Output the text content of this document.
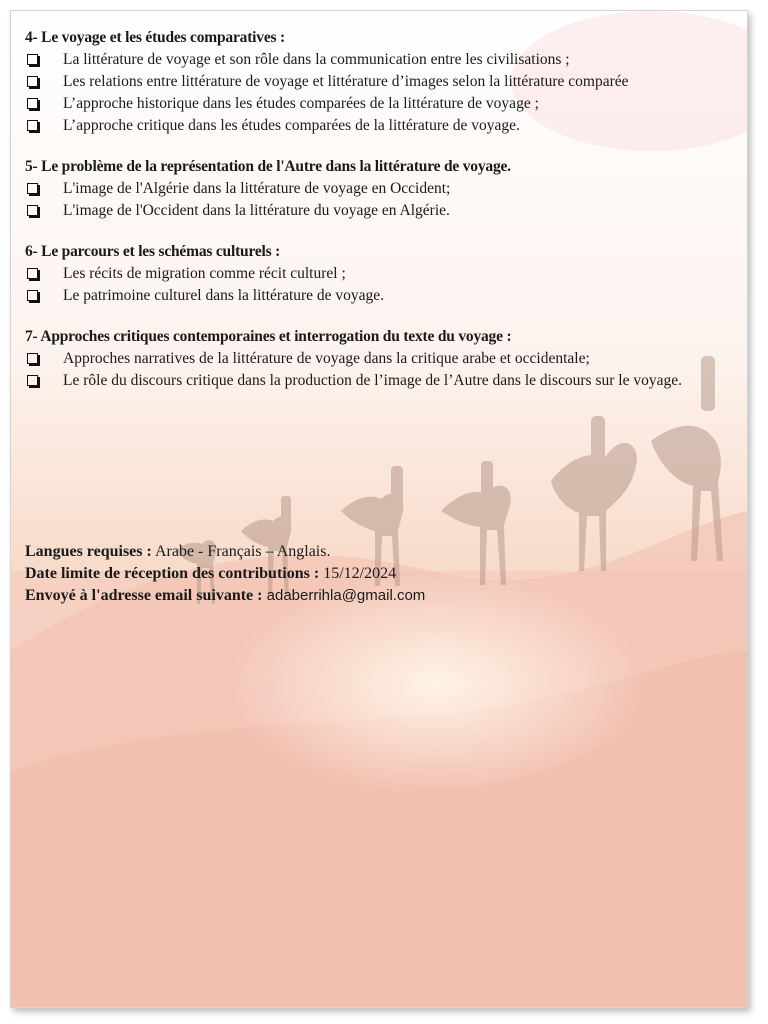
4- Le voyage et les études comparatives :
La littérature de voyage et son rôle dans la communication entre les civilisations ;
Les relations entre littérature de voyage et littérature d’images selon la littérature comparée
L’approche historique dans les études comparées de la littérature de voyage ;
L’approche critique dans les études comparées de la littérature de voyage.
5- Le problème de la représentation de l'Autre dans la littérature de voyage.
L'image de l'Algérie dans la littérature de voyage en Occident;
L'image de l'Occident dans la littérature du voyage en Algérie.
6- Le parcours et les schémas culturels :
Les récits de migration comme récit culturel ;
Le patrimoine culturel dans la littérature de voyage.
7- Approches critiques contemporaines et interrogation du texte du voyage :
Approches narratives de la littérature de voyage dans la critique arabe et occidentale;
Le rôle du discours critique dans la production de l’image de l’Autre dans le discours sur le voyage.
Langues requises : Arabe - Français – Anglais.
Date limite de réception des contributions : 15/12/2024
Envoyé à l'adresse email suivante : adaberrihla@gmail.com
